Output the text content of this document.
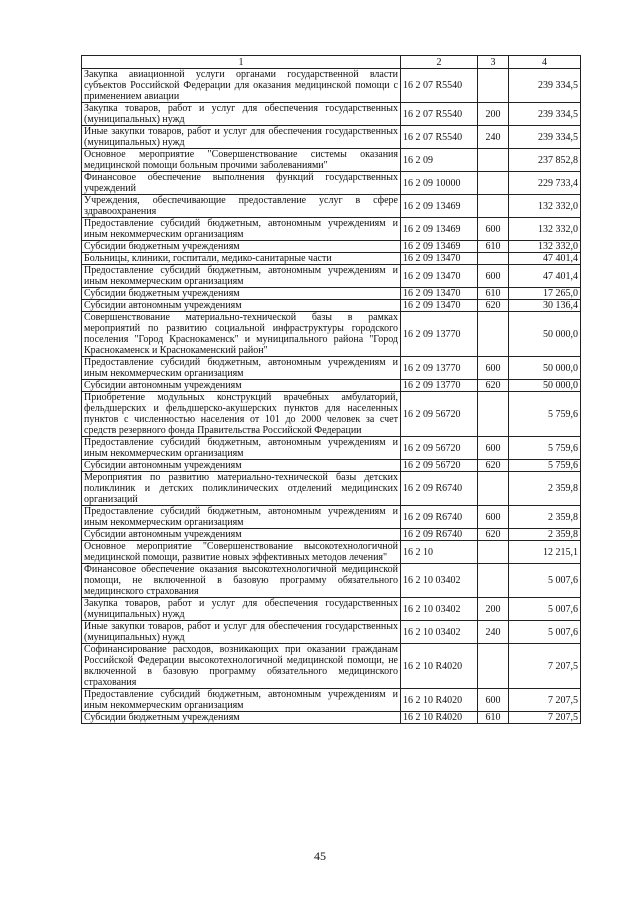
1	2	3	4
Закупка авиационной услуги органами государственной власти субъектов Российской Федерации для оказания медицинской помощи с применением авиации	16 2 07 R5540		239 334,5
Закупка товаров, работ и услуг для обеспечения государственных (муниципальных) нужд	16 2 07 R5540	200	239 334,5
Иные закупки товаров, работ и услуг для обеспечения государственных (муниципальных) нужд	16 2 07 R5540	240	239 334,5
Основное мероприятие "Совершенствование системы оказания медицинской помощи больным прочими заболеваниями"	16 2 09		237 852,8
Финансовое обеспечение выполнения функций государственных учреждений	16 2 09 10000		229 733,4
Учреждения, обеспечивающие предоставление услуг в сфере здравоохранения	16 2 09 13469		132 332,0
Предоставление субсидий бюджетным, автономным учреждениям и иным некоммерческим организациям	16 2 09 13469	600	132 332,0
Субсидии бюджетным учреждениям	16 2 09 13469	610	132 332,0
Больницы, клиники, госпитали, медико-санитарные части	16 2 09 13470		47 401,4
Предоставление субсидий бюджетным, автономным учреждениям и иным некоммерческим организациям	16 2 09 13470	600	47 401,4
Субсидии бюджетным учреждениям	16 2 09 13470	610	17 265,0
Субсидии автономным учреждениям	16 2 09 13470	620	30 136,4
Совершенствование материально-технической базы в рамках мероприятий по развитию социальной инфраструктуры городского поселения "Город Краснокаменск" и муниципального района "Город Краснокаменск и Краснокаменский район"	16 2 09 13770		50 000,0
Предоставление субсидий бюджетным, автономным учреждениям и иным некоммерческим организациям	16 2 09 13770	600	50 000,0
Субсидии автономным учреждениям	16 2 09 13770	620	50 000,0
Приобретение модульных конструкций врачебных амбулаторий, фельдшерских и фельдшерско-акушерских пунктов для населенных пунктов с численностью населения от 101 до 2000 человек за счет средств резервного фонда Правительства Российской Федерации	16 2 09 56720		5 759,6
Предоставление субсидий бюджетным, автономным учреждениям и иным некоммерческим организациям	16 2 09 56720	600	5 759,6
Субсидии автономным учреждениям	16 2 09 56720	620	5 759,6
Мероприятия по развитию материально-технической базы детских поликлиник и детских поликлинических отделений медицинских организаций	16 2 09 R6740		2 359,8
Предоставление субсидий бюджетным, автономным учреждениям и иным некоммерческим организациям	16 2 09 R6740	600	2 359,8
Субсидии автономным учреждениям	16 2 09 R6740	620	2 359,8
Основное мероприятие "Совершенствование высокотехнологичной медицинской помощи, развитие новых эффективных методов лечения"	16 2 10		12 215,1
Финансовое обеспечение оказания высокотехнологичной медицинской помощи, не включенной в базовую программу обязательного медицинского страхования	16 2 10 03402		5 007,6
Закупка товаров, работ и услуг для обеспечения государственных (муниципальных) нужд	16 2 10 03402	200	5 007,6
Иные закупки товаров, работ и услуг для обеспечения государственных (муниципальных) нужд	16 2 10 03402	240	5 007,6
Софинансирование расходов, возникающих при оказании гражданам Российской Федерации высокотехнологичной медицинской помощи, не включенной в базовую программу обязательного медицинского страхования	16 2 10 R4020		7 207,5
Предоставление субсидий бюджетным, автономным учреждениям и иным некоммерческим организациям	16 2 10 R4020	600	7 207,5
Субсидии бюджетным учреждениям	16 2 10 R4020	610	7 207,5
45
